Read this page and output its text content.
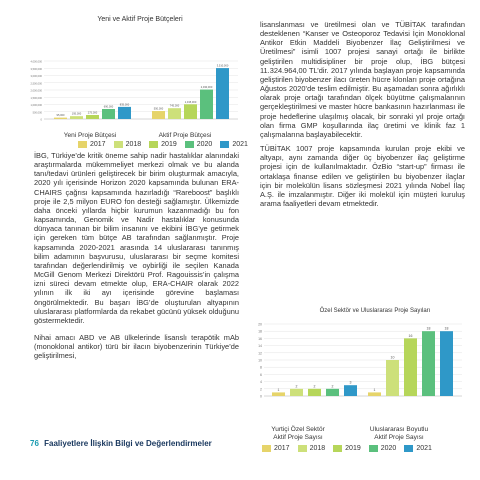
Yeni ve Aktif Proje Bütçeleri
0
500,000
1,000,000
1,500,000
2,000,000
2,500,000
3,000,000
3,500,000
4,000,000
95,000	195,000	275,000
690,000
835,000
550,000
745,000
1,015,000
2,030,000
3,510,000
Yeni Proje Bütçesi	Aktif Proje Bütçesi
2017	2018	2019	2020	2021

İBG, Türkiye’de kritik öneme sahip nadir hastalıklar alanındaki araştırmalarda mükemmeliyet merkezi olmak ve bu alanda tanı/tedavi ürünleri geliştirecek bir birim oluşturmak amacıyla, 2020 yılı içerisinde Horizon 2020 kapsamında bulunan ERA-CHAIRS çağrısı kapsamında hazırladığı “Rareboost” başlıklı proje ile 2,5 milyon EURO fon desteği sağlamıştır. Ülkemizde daha önceki yıllarda hiçbir kurumun kazanmadığı bu fon kapsamında, Genomik ve Nadir hastalıklar konusunda dünyaca tanınan bir bilim insanını ve ekibini İBG’ye getirmek için gereken tüm bütçe AB tarafından sağlanmıştır. Proje kapsamında 2020-2021 arasında 14 uluslararası tanınmış bilim adamının başvurusu, uluslararası bir seçme komitesi tarafından değerlendirilmiş ve oybirliği ile seçilen Kanada McGill Genom Merkezi Direktörü Prof. Ragouissis’in çalışma izni süreci devam etmekte olup, ERA-CHAIR olarak 2022 yılının ilk iki ayı içerisinde görevine başlaması öngörülmektedir. Bu başarı İBG’de oluşturulan altyapının uluslararası platformlarda da rekabet gücünü yüksek olduğunu göstermektedir.

Nihai amacı ABD ve AB ülkelerinde lisanslı terapötik mAb (monoklonal antikor) türü bir ilacın biyobenzerinin Türkiye’de geliştirilmesi,

lisanslanması ve üretilmesi olan ve TÜBİTAK tarafından desteklenen “Kanser ve Osteoporoz Tedavisi İçin Monoklonal Antikor Etkin Maddeli Biyobenzer İlaç Geliştirilmesi ve Üretilmesi” isimli 1007 projesi sanayi ortağı ile birlikte geliştirilen multidisipliner bir proje olup, İBG bütçesi 11.324.964,00 TL’dir. 2017 yılında başlayan proje kapsamında geliştirilen biyobenzer ilacı üreten hücre klonları proje ortağına Ağustos 2020’de teslim edilmiştir. Bu aşamadan sonra ağırlıklı olarak proje ortağı tarafından ölçek büyütme çalışmalarının gerçekleştirilmesi ve master hücre bankasının hazırlanması ile proje hedeflerine ulaşılmış olacak, bir sonraki yıl proje ortağı olan firma GMP koşullarında ilaç üretimi ve klinik faz 1 çalışmalarına başlayabilecektir.

TÜBİTAK 1007 proje kapsamında kurulan proje ekibi ve altyapı, aynı zamanda diğer üç biyobenzer ilaç geliştirme projesi için de kullanılmaktadır. ÖzBio “start-up” firması ile ortaklaşa finanse edilen ve geliştirilen bu biyobenzer ilaçlar için bir molekülün lisans sözleşmesi 2021 yılında Nobel İlaç A.Ş. ile imzalanmıştır. Diğer iki molekül için müşteri kuruluş arama faaliyetleri devam etmektedir.

Özel Sektör ve Uluslararası Proje Sayıları
0
2
4
6
8
10
12
14
16
18
20
1
2	2	2
3
1
10
16
18	18
Yurtiçi Özel Sektör Aktif Proje Sayısı
Uluslararası Boyutlu Aktif Proje Sayısı
2017	2018	2019	2020	2021
76 Faaliyetlere İlişkin Bilgi ve Değerlendirmeler
